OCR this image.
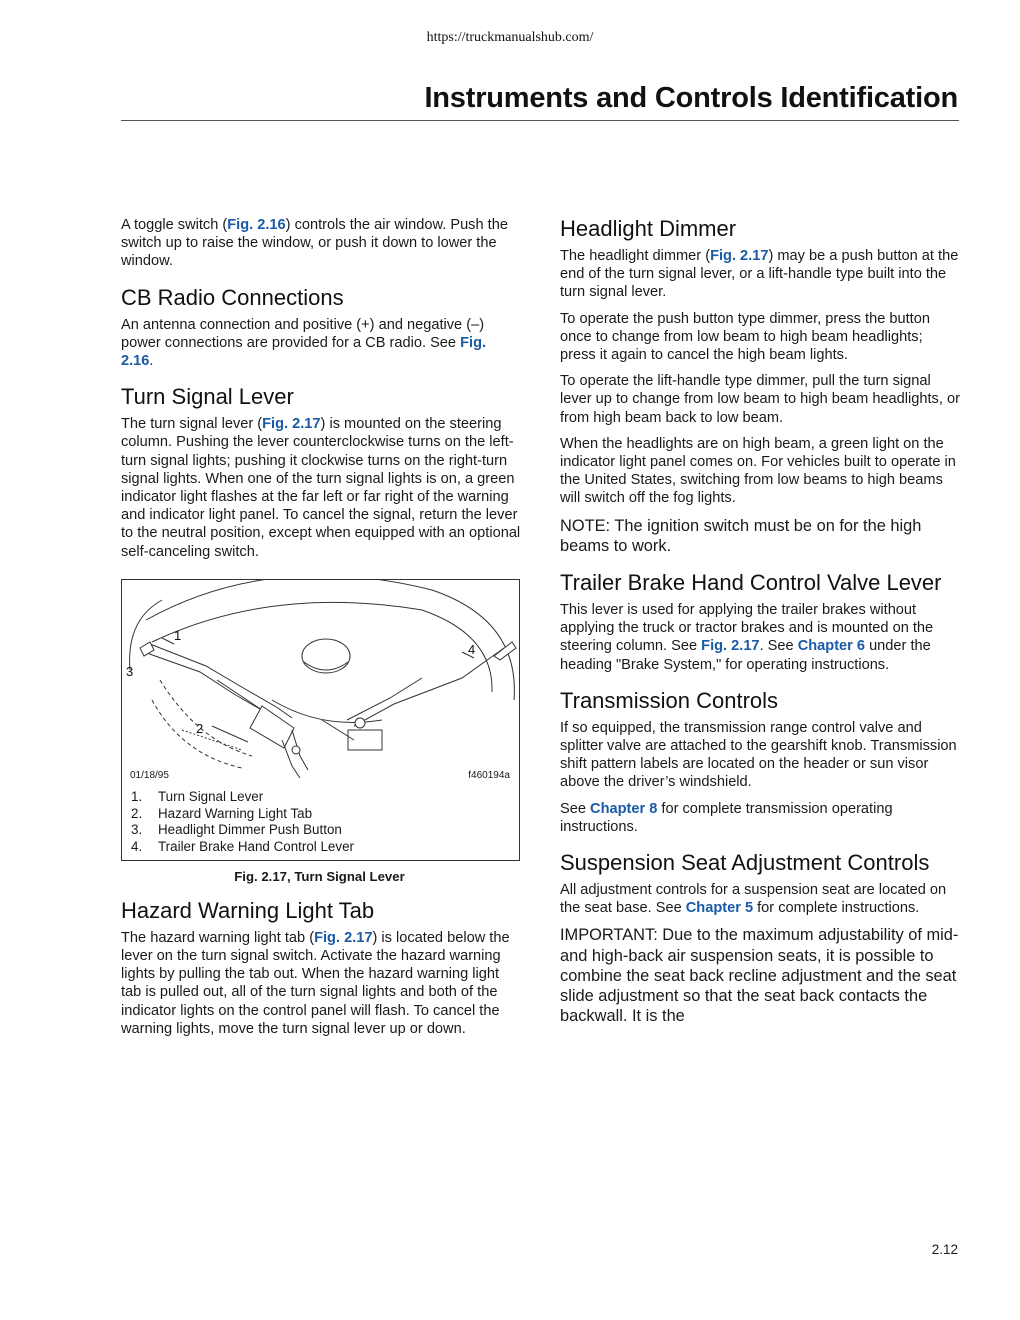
https://truckmanualshub.com/
Instruments and Controls Identification

A toggle switch (Fig. 2.16) controls the air window. Push the switch up to raise the window, or push it down to lower the window.

CB Radio Connections

An antenna connection and positive (+) and negative (–) power connections are provided for a CB radio. See Fig. 2.16.

Turn Signal Lever

The turn signal lever (Fig. 2.17) is mounted on the steering column. Pushing the lever counterclockwise turns on the left-turn signal lights; pushing it clockwise turns on the right-turn signal lights. When one of the turn signal lights is on, a green indicator light flashes at the far left or far right of the warning and indicator light panel. To cancel the signal, return the lever to the neutral position, except when equipped with an optional self-canceling switch.

1
2
3
4
01/18/95	f460194a
1. Turn Signal Lever
2. Hazard Warning Light Tab
3. Headlight Dimmer Push Button
4. Trailer Brake Hand Control Lever
Fig. 2.17, Turn Signal Lever
Hazard Warning Light Tab

The hazard warning light tab (Fig. 2.17) is located below the lever on the turn signal switch. Activate the hazard warning lights by pulling the tab out. When the hazard warning light tab is pulled out, all of the turn signal lights and both of the indicator lights on the control panel will flash. To cancel the warning lights, move the turn signal lever up or down.

Headlight Dimmer

The headlight dimmer (Fig. 2.17) may be a push button at the end of the turn signal lever, or a lift-handle type built into the turn signal lever.

To operate the push button type dimmer, press the button once to change from low beam to high beam headlights; press it again to cancel the high beam lights.

To operate the lift-handle type dimmer, pull the turn signal lever up to change from low beam to high beam headlights, or from high beam back to low beam.

When the headlights are on high beam, a green light on the indicator light panel comes on. For vehicles built to operate in the United States, switching from low beams to high beams will switch off the fog lights.

NOTE: The ignition switch must be on for the high beams to work.

Trailer Brake Hand Control Valve Lever

This lever is used for applying the trailer brakes without applying the truck or tractor brakes and is mounted on the steering column. See Fig. 2.17. See Chapter 6 under the heading "Brake System," for operating instructions.

Transmission Controls

If so equipped, the transmission range control valve and splitter valve are attached to the gearshift knob. Transmission shift pattern labels are located on the header or sun visor above the driver’s windshield.

See Chapter 8 for complete transmission operating instructions.

Suspension Seat Adjustment Controls

All adjustment controls for a suspension seat are located on the seat base. See Chapter 5 for complete instructions.

IMPORTANT: Due to the maximum adjustability of mid- and high-back air suspension seats, it is possible to combine the seat back recline adjustment and the seat slide adjustment so that the seat back contacts the backwall. It is the

2.12
